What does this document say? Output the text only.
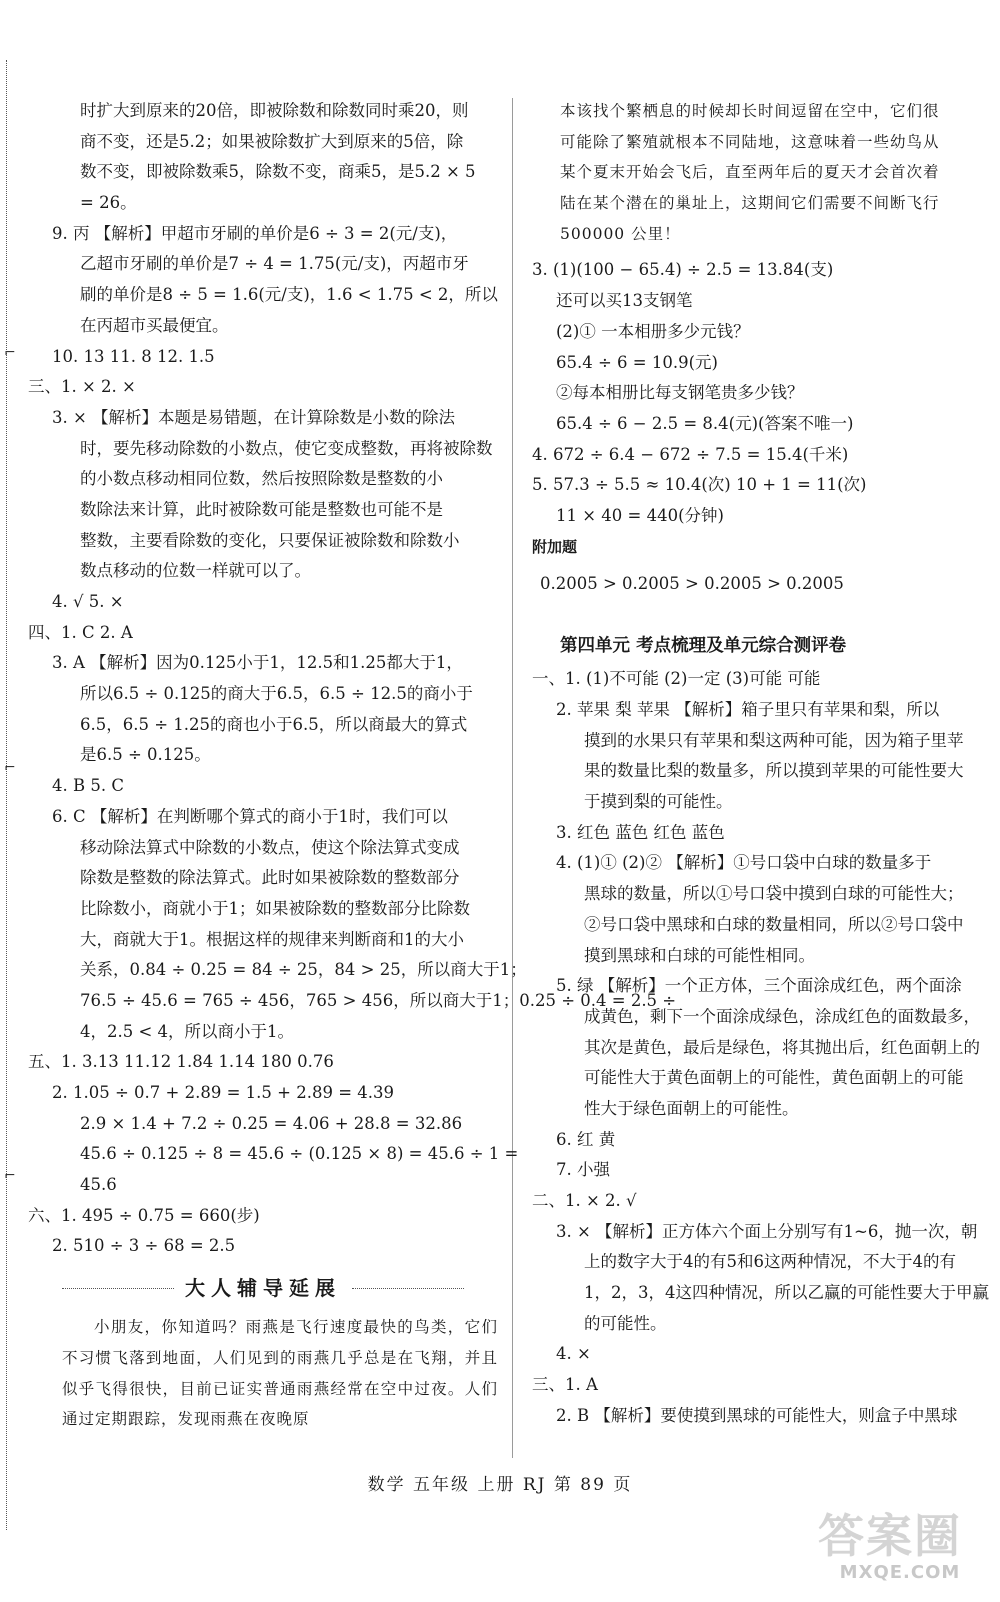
⌐
⌐
⌐
时扩大到原来的20倍，即被除数和除数同时乘20，则
商不变，还是5.2；如果被除数扩大到原来的5倍，除
数不变，即被除数乘5，除数不变，商乘5，是5.2 × 5
= 26。
9. 丙 【解析】甲超市牙刷的单价是6 ÷ 3 = 2(元/支)，
乙超市牙刷的单价是7 ÷ 4 = 1.75(元/支)，丙超市牙
刷的单价是8 ÷ 5 = 1.6(元/支)，1.6 < 1.75 < 2，所以
在丙超市买最便宜。
10. 13 11. 8 12. 1.5
三、1. × 2. ×
3. × 【解析】本题是易错题，在计算除数是小数的除法
时，要先移动除数的小数点，使它变成整数，再将被除数
的小数点移动相同位数，然后按照除数是整数的小
数除法来计算，此时被除数可能是整数也可能不是
整数，主要看除数的变化，只要保证被除数和除数小
数点移动的位数一样就可以了。
4. √ 5. ×
四、1. C 2. A
3. A 【解析】因为0.125小于1，12.5和1.25都大于1，
所以6.5 ÷ 0.125的商大于6.5，6.5 ÷ 12.5的商小于
6.5，6.5 ÷ 1.25的商也小于6.5，所以商最大的算式
是6.5 ÷ 0.125。
4. B 5. C
6. C 【解析】在判断哪个算式的商小于1时，我们可以
移动除法算式中除数的小数点，使这个除法算式变成
除数是整数的除法算式。此时如果被除数的整数部分
比除数小，商就小于1；如果被除数的整数部分比除数
大，商就大于1。根据这样的规律来判断商和1的大小
关系，0.84 ÷ 0.25 = 84 ÷ 25，84 > 25，所以商大于1；
76.5 ÷ 45.6 = 765 ÷ 456，765 > 456，所以商大于1；0.25 ÷ 0.4 = 2.5 ÷
4，2.5 < 4，所以商小于1。
五、1. 3.13 11.12 1.84 1.14 180 0.76
2. 1.05 ÷ 0.7 + 2.89 = 1.5 + 2.89 = 4.39
2.9 × 1.4 + 7.2 ÷ 0.25 = 4.06 + 28.8 = 32.86
45.6 ÷ 0.125 ÷ 8 = 45.6 ÷ (0.125 × 8) = 45.6 ÷ 1 =
45.6
六、1. 495 ÷ 0.75 = 660(步)
2. 510 ÷ 3 ÷ 68 = 2.5
大人辅导延展
小朋友，你知道吗？雨燕是飞行速度最快的鸟类，它们不习惯飞落到地面，人们见到的雨燕几乎总是在飞翔，并且似乎飞得很快，目前已证实普通雨燕经常在空中过夜。人们通过定期跟踪，发现雨燕在夜晚原
本该找个繁栖息的时候却长时间逗留在空中，它们很
可能除了繁殖就根本不同陆地，这意味着一些幼鸟从
某个夏末开始会飞后，直至两年后的夏天才会首次着
陆在某个潜在的巢址上，这期间它们需要不间断飞行
500000 公里！
3. (1)(100 − 65.4) ÷ 2.5 = 13.84(支)
还可以买13支钢笔
(2)① 一本相册多少元钱？
65.4 ÷ 6 = 10.9(元)
②每本相册比每支钢笔贵多少钱？
65.4 ÷ 6 − 2.5 = 8.4(元)(答案不唯一)
4. 672 ÷ 6.4 − 672 ÷ 7.5 = 15.4(千米)
5. 57.3 ÷ 5.5 ≈ 10.4(次) 10 + 1 = 11(次)
11 × 40 = 440(分钟)
附加题
0.2005 > 0.2005 > 0.2005 > 0.2005
第四单元 考点梳理及单元综合测评卷
一、1. (1)不可能 (2)一定 (3)可能 可能
2. 苹果 梨 苹果 【解析】箱子里只有苹果和梨，所以
摸到的水果只有苹果和梨这两种可能，因为箱子里苹
果的数量比梨的数量多，所以摸到苹果的可能性要大
于摸到梨的可能性。
3. 红色 蓝色 红色 蓝色
4. (1)① (2)② 【解析】①号口袋中白球的数量多于
黑球的数量，所以①号口袋中摸到白球的可能性大；
②号口袋中黑球和白球的数量相同，所以②号口袋中
摸到黑球和白球的可能性相同。
5. 绿 【解析】一个正方体，三个面涂成红色，两个面涂
成黄色，剩下一个面涂成绿色，涂成红色的面数最多，
其次是黄色，最后是绿色，将其抛出后，红色面朝上的
可能性大于黄色面朝上的可能性，黄色面朝上的可能
性大于绿色面朝上的可能性。
6. 红 黄
7. 小强
二、1. × 2. √
3. × 【解析】正方体六个面上分别写有1~6，抛一次，朝
上的数字大于4的有5和6这两种情况，不大于4的有
1，2，3，4这四种情况，所以乙赢的可能性要大于甲赢
的可能性。
4. ×
三、1. A
2. B 【解析】要使摸到黑球的可能性大，则盒子中黑球
数学 五年级 上册 RJ 第 89 页
答案圈
MXQE.COM
